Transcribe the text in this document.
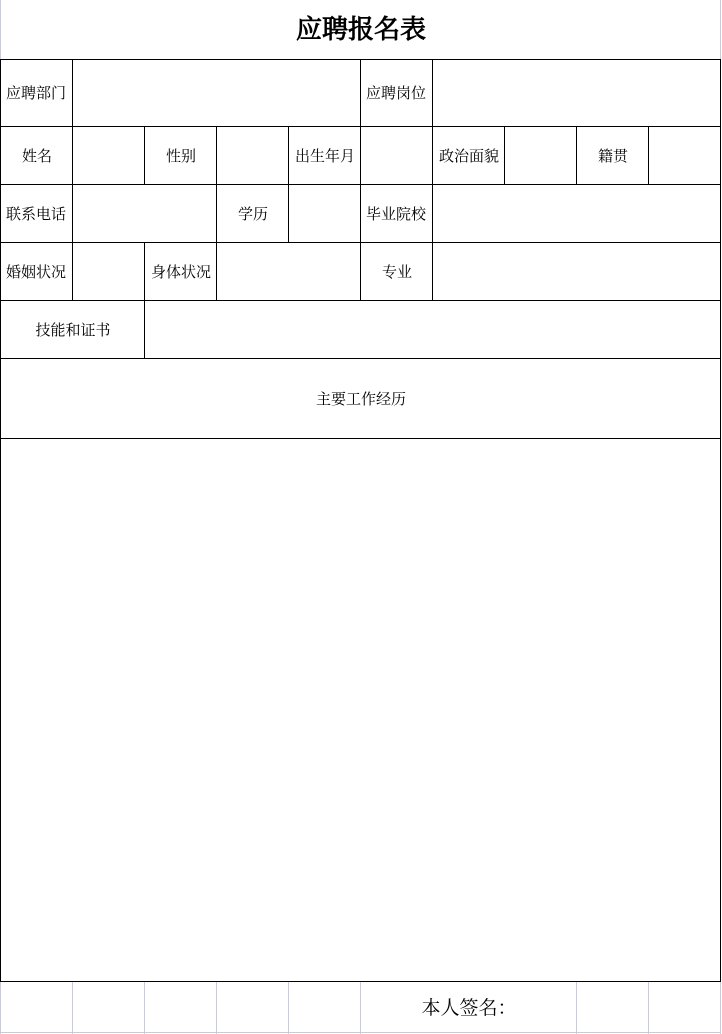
应聘报名表
应聘部门	应聘岗位
姓名	性别	出生年月	政治面貌	籍贯
联系电话	学历	毕业院校
婚姻状况	身体状况	专业
技能和证书
主要工作经历
本人签名：
